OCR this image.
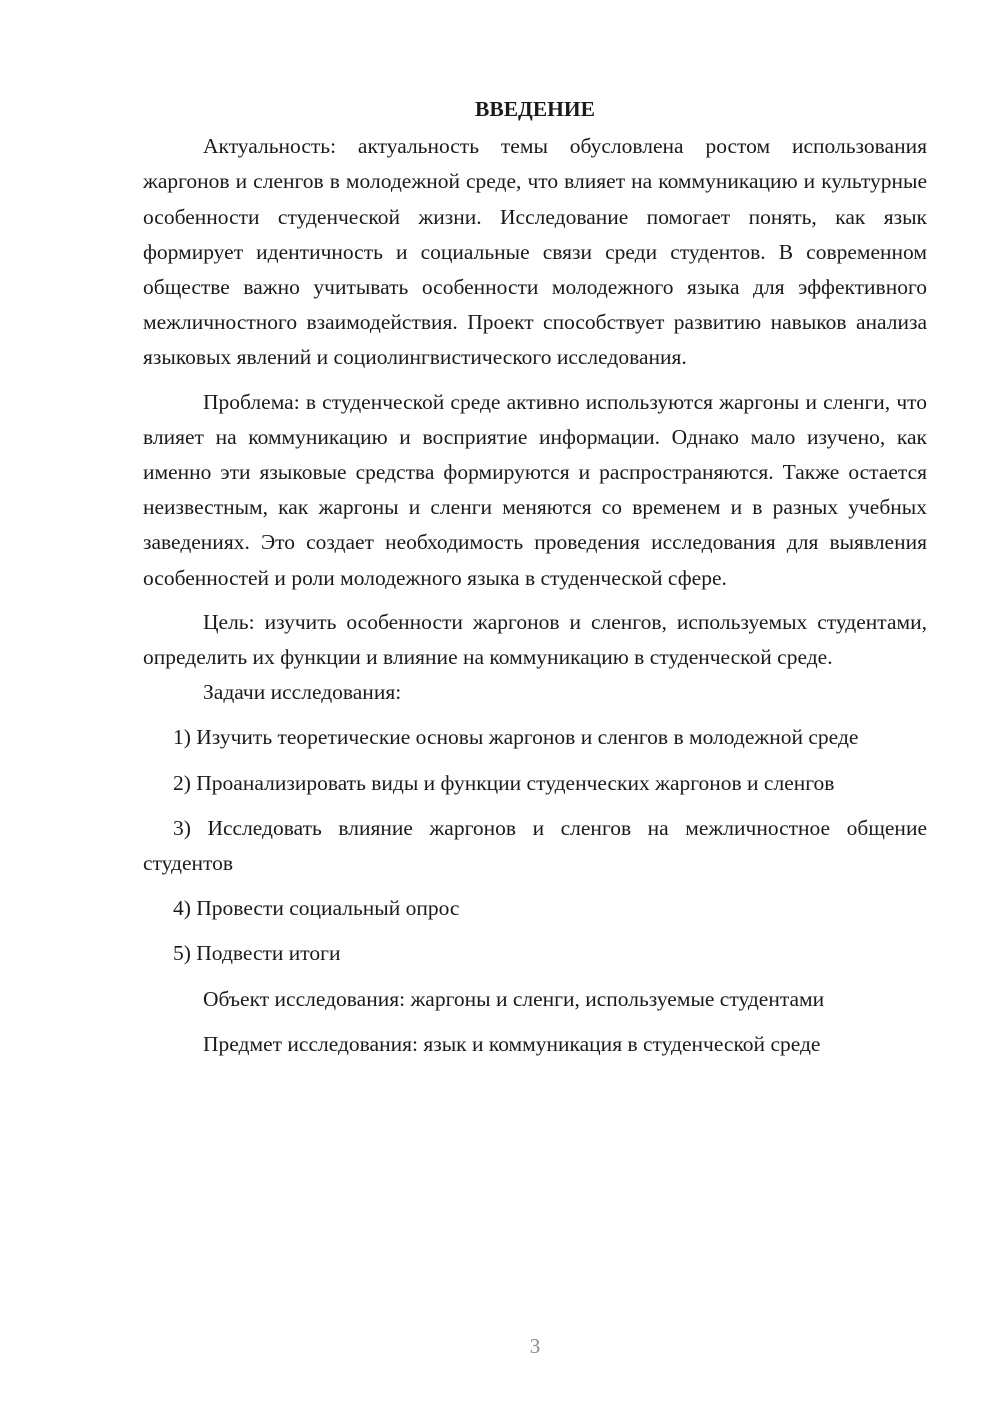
ВВЕДЕНИЕ

Актуальность: актуальность темы обусловлена ростом использования жаргонов и сленгов в молодежной среде, что влияет на коммуникацию и культурные особенности студенческой жизни. Исследование помогает понять, как язык формирует идентичность и социальные связи среди студентов. В современном обществе важно учитывать особенности молодежного языка для эффективного межличностного взаимодействия. Проект способствует развитию навыков анализа языковых явлений и социолингвистического исследования.

Проблема: в студенческой среде активно используются жаргоны и сленги, что влияет на коммуникацию и восприятие информации. Однако мало изучено, как именно эти языковые средства формируются и распространяются. Также остается неизвестным, как жаргоны и сленги меняются со временем и в разных учебных заведениях. Это создает необходимость проведения исследования для выявления особенностей и роли молодежного языка в студенческой сфере.

Цель: изучить особенности жаргонов и сленгов, используемых студентами, определить их функции и влияние на коммуникацию в студенческой среде.

Задачи исследования:

1) Изучить теоретические основы жаргонов и сленгов в молодежной среде

2) Проанализировать виды и функции студенческих жаргонов и сленгов

3) Исследовать влияние жаргонов и сленгов на межличностное общение студентов

4) Провести социальный опрос

5) Подвести итоги

Объект исследования: жаргоны и сленги, используемые студентами

Предмет исследования: язык и коммуникация в студенческой среде

3
